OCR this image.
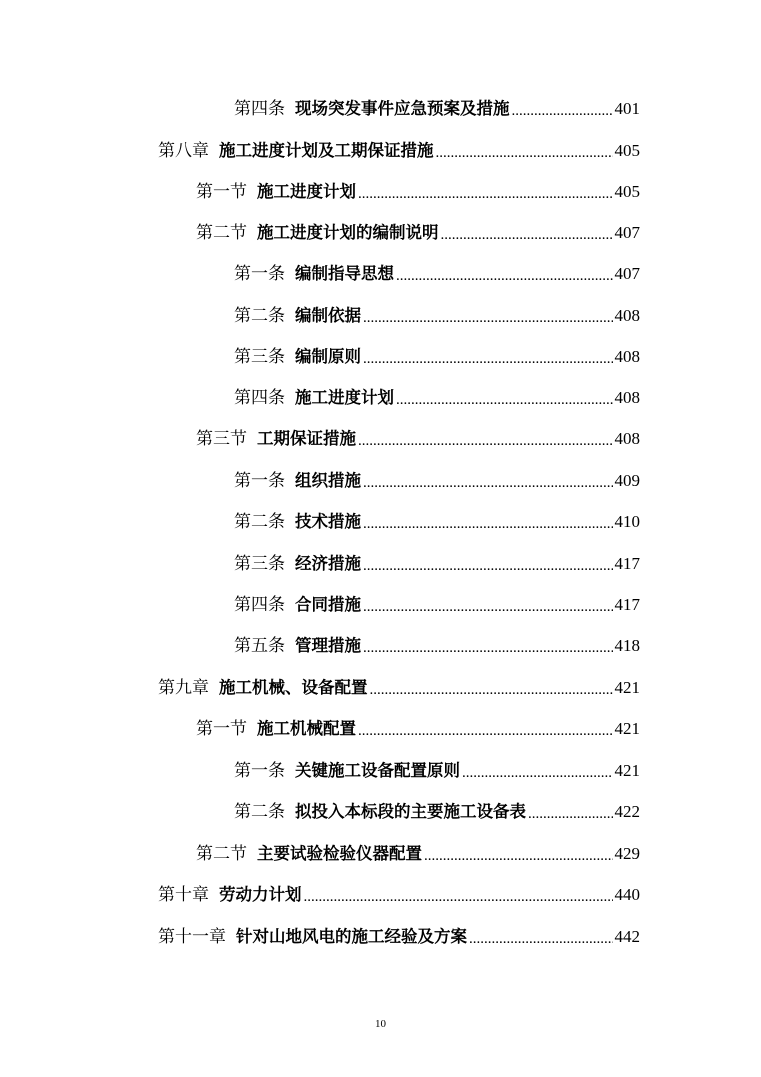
第四条 现场突发事件应急预案及措施 .....	401
第八章 施工进度计划及工期保证措施 .....	405
第一节 施工进度计划 .....	405
第二节 施工进度计划的编制说明 .....	407
第一条 编制指导思想 .....	407
第二条 编制依据 .....	408
第三条 编制原则 .....	408
第四条 施工进度计划 .....	408
第三节 工期保证措施 .....	408
第一条 组织措施 .....	409
第二条 技术措施 .....	410
第三条 经济措施 .....	417
第四条 合同措施 .....	417
第五条 管理措施 .....	418
第九章 施工机械、设备配置 .....	421
第一节 施工机械配置 .....	421
第一条 关键施工设备配置原则 .....	421
第二条 拟投入本标段的主要施工设备表 .....	422
第二节 主要试验检验仪器配置 .....	429
第十章 劳动力计划 .....	440
第十一章 针对山地风电的施工经验及方案 .....	442
10
